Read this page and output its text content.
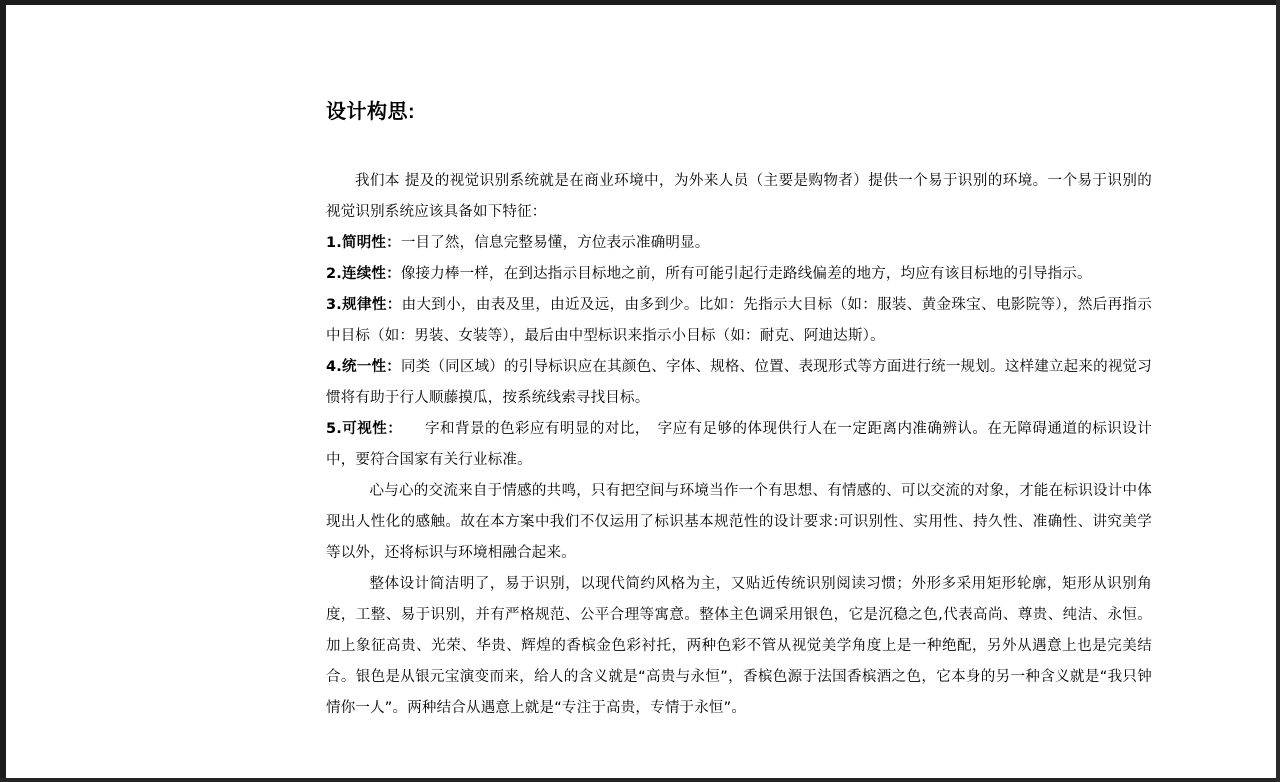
设计构思:

我们本 提及的视觉识别系统就是在商业环境中，为外来人员（主要是购物者）提供一个易于识别的环境。一个易于识别的视觉识别系统应该具备如下特征：

1.简明性：一目了然，信息完整易懂，方位表示准确明显。

2.连续性：像接力棒一样，在到达指示目标地之前，所有可能引起行走路线偏差的地方，均应有该目标地的引导指示。

3.规律性：由大到小，由表及里，由近及远，由多到少。比如：先指示大目标（如：服装、黄金珠宝、电影院等），然后再指示中目标（如：男装、女装等），最后由中型标识来指示小目标（如：耐克、阿迪达斯）。

4.统一性：同类（同区域）的引导标识应在其颜色、字体、规格、位置、表现形式等方面进行统一规划。这样建立起来的视觉习惯将有助于行人顺藤摸瓜，按系统线索寻找目标。

5.可视性：　　字和背景的色彩应有明显的对比，　字应有足够的体现供行人在一定距离内准确辨认。在无障碍通道的标识设计中，要符合国家有关行业标准。

心与心的交流来自于情感的共鸣，只有把空间与环境当作一个有思想、有情感的、可以交流的对象，才能在标识设计中体现出人性化的感触。故在本方案中我们不仅运用了标识基本规范性的设计要求:可识别性、实用性、持久性、准确性、讲究美学等以外，还将标识与环境相融合起来。

整体设计简洁明了，易于识别，以现代简约风格为主，又贴近传统识别阅读习惯；外形多采用矩形轮廓，矩形从识别角度，工整、易于识别，并有严格规范、公平合理等寓意。整体主色调采用银色，它是沉稳之色,代表高尚、尊贵、纯洁、永恒。加上象征高贵、光荣、华贵、辉煌的香槟金色彩衬托，两种色彩不管从视觉美学角度上是一种绝配，另外从遇意上也是完美结合。银色是从银元宝演变而来，给人的含义就是“高贵与永恒”，香槟色源于法国香槟酒之色，它本身的另一种含义就是“我只钟情你一人”。两种结合从遇意上就是“专注于高贵，专情于永恒”。
